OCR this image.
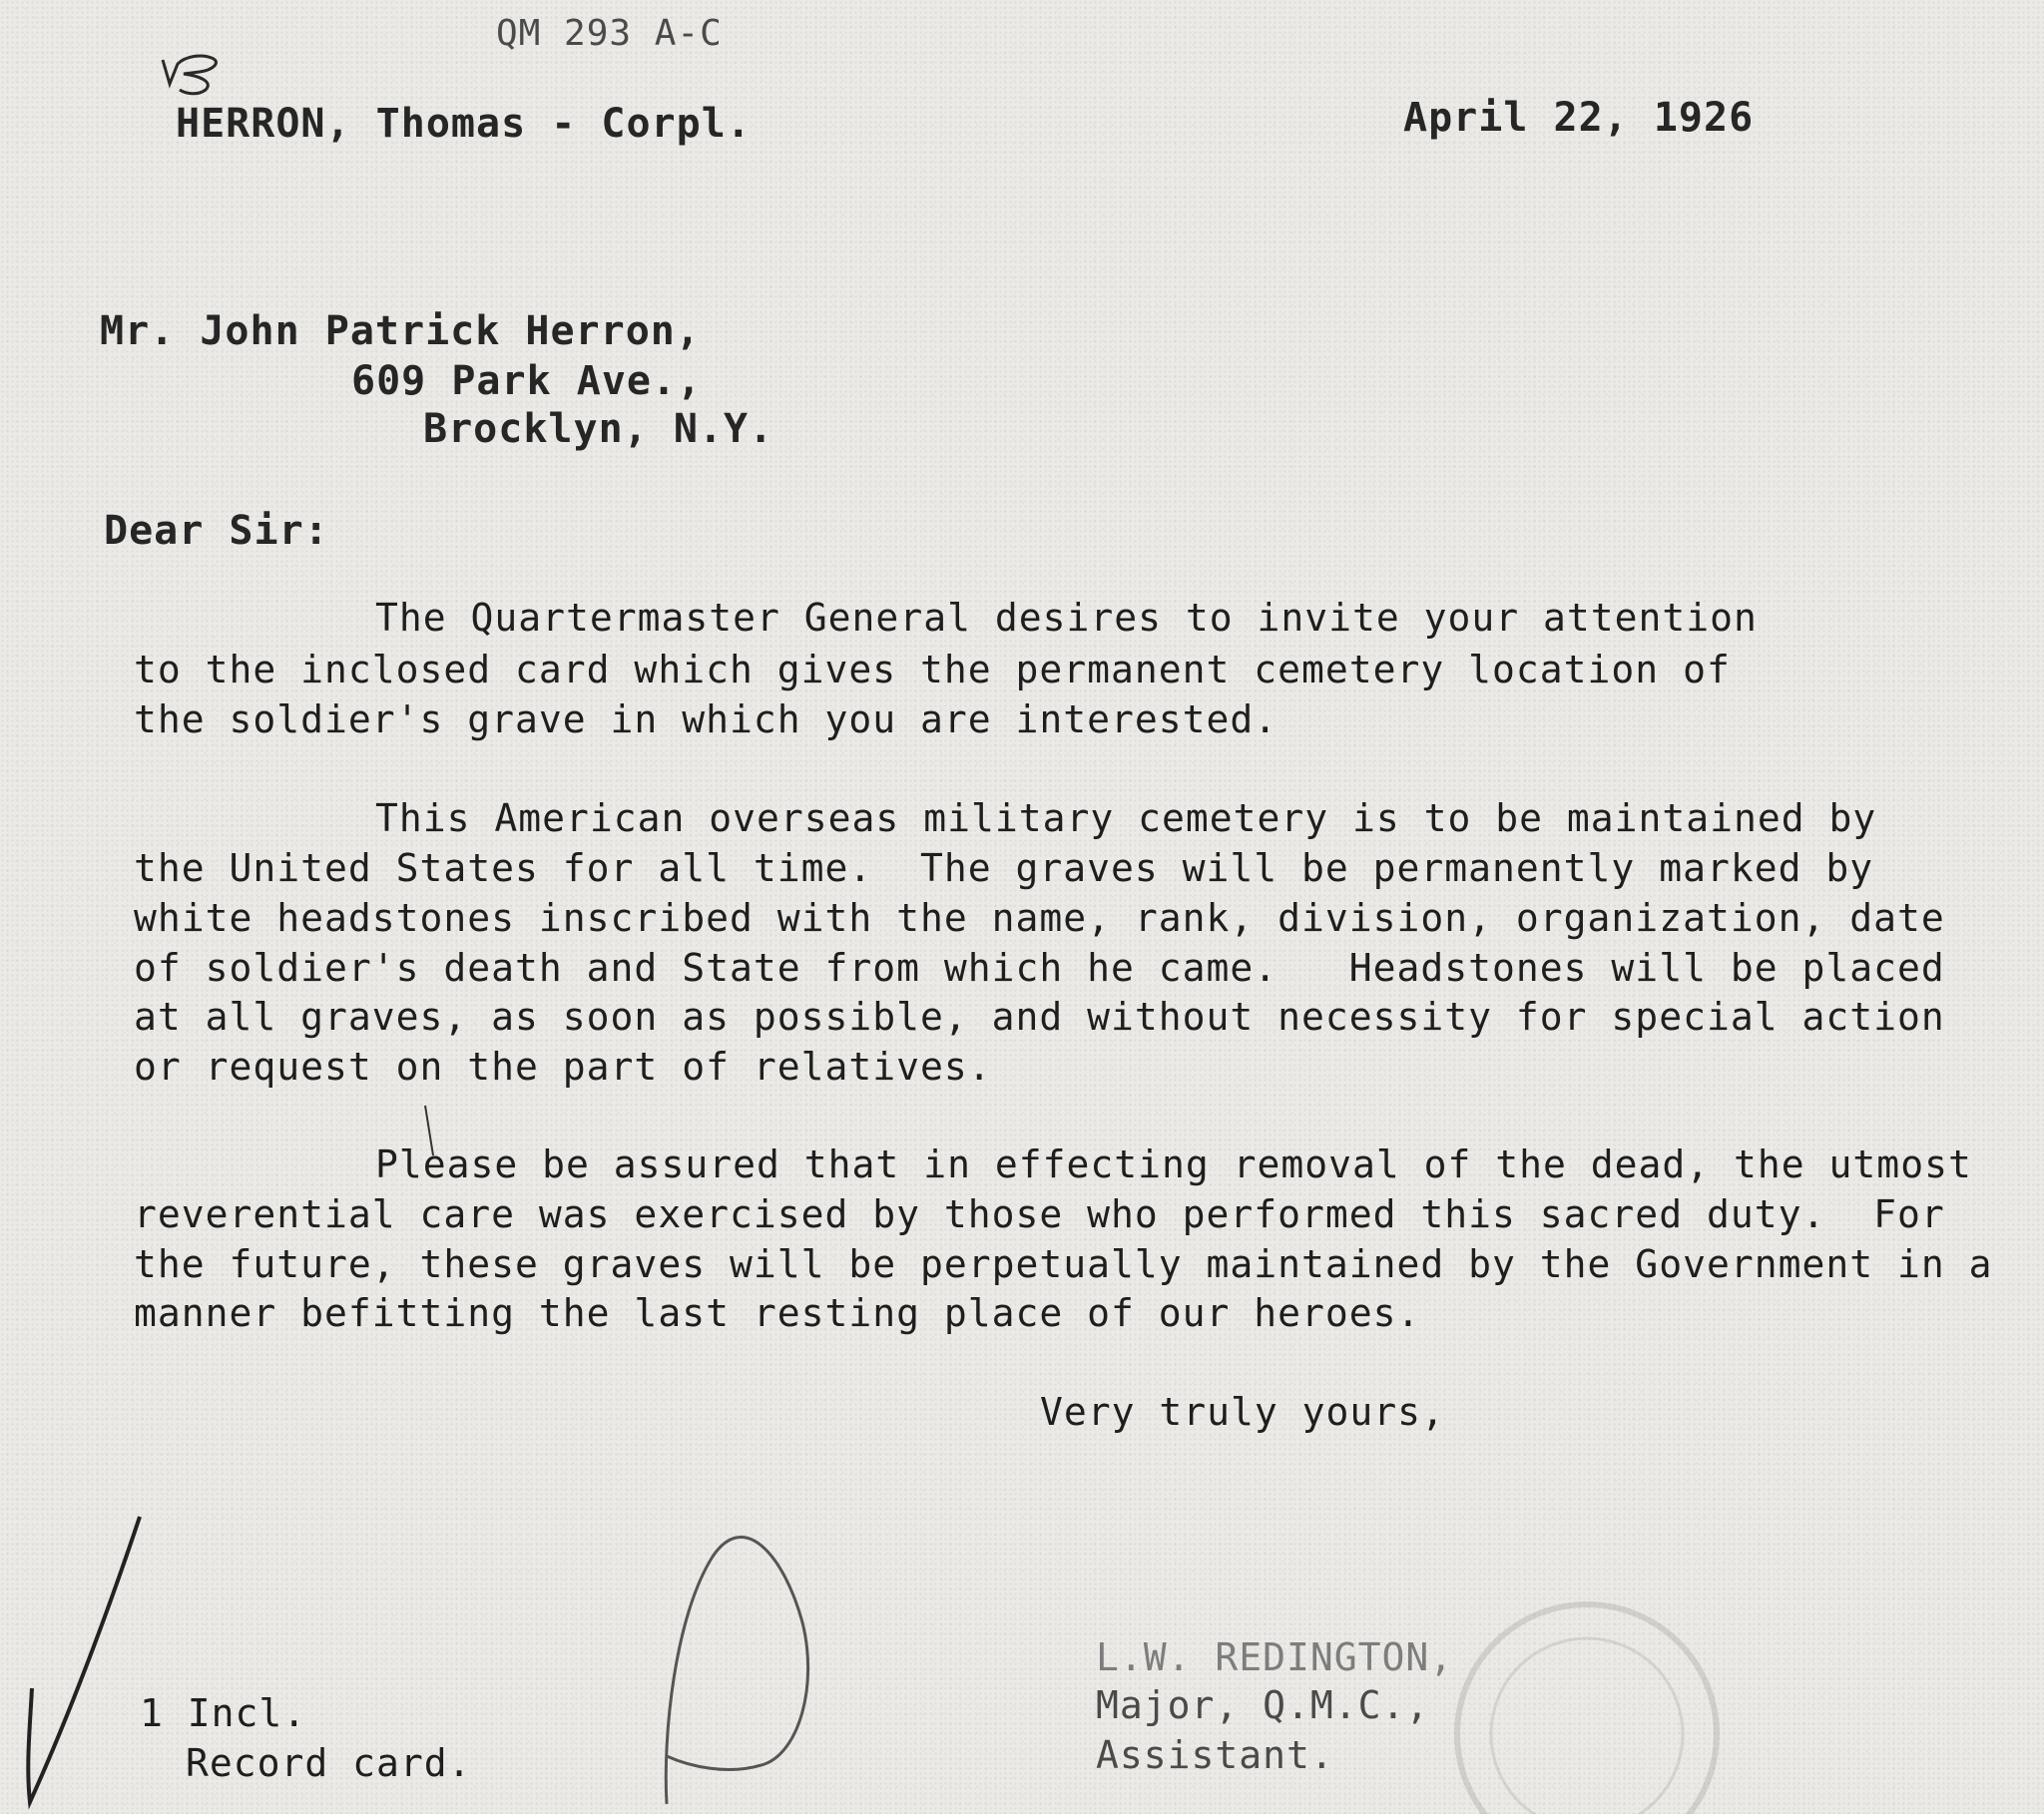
QM 293 A-C
HERRON, Thomas - Corpl.	April 22, 1926
Mr. John Patrick Herron,
609 Park Ave.,
Brocklyn, N.Y.
Dear Sir:
The Quartermaster General desires to invite your attention
to the inclosed card which gives the permanent cemetery location of
the soldier's grave in which you are interested.
This American overseas military cemetery is to be maintained by
the United States for all time.  The graves will be permanently marked by
white headstones inscribed with the name, rank, division, organization, date
of soldier's death and State from which he came.   Headstones will be placed
at all graves, as soon as possible, and without necessity for special action
or request on the part of relatives.
Please be assured that in effecting removal of the dead, the utmost
reverential care was exercised by those who performed this sacred duty.  For
the future, these graves will be perpetually maintained by the Government in a
manner befitting the last resting place of our heroes.
Very truly yours,
L.W. REDINGTON,
Major, Q.M.C.,
Assistant.
1 Incl.
Record card.
